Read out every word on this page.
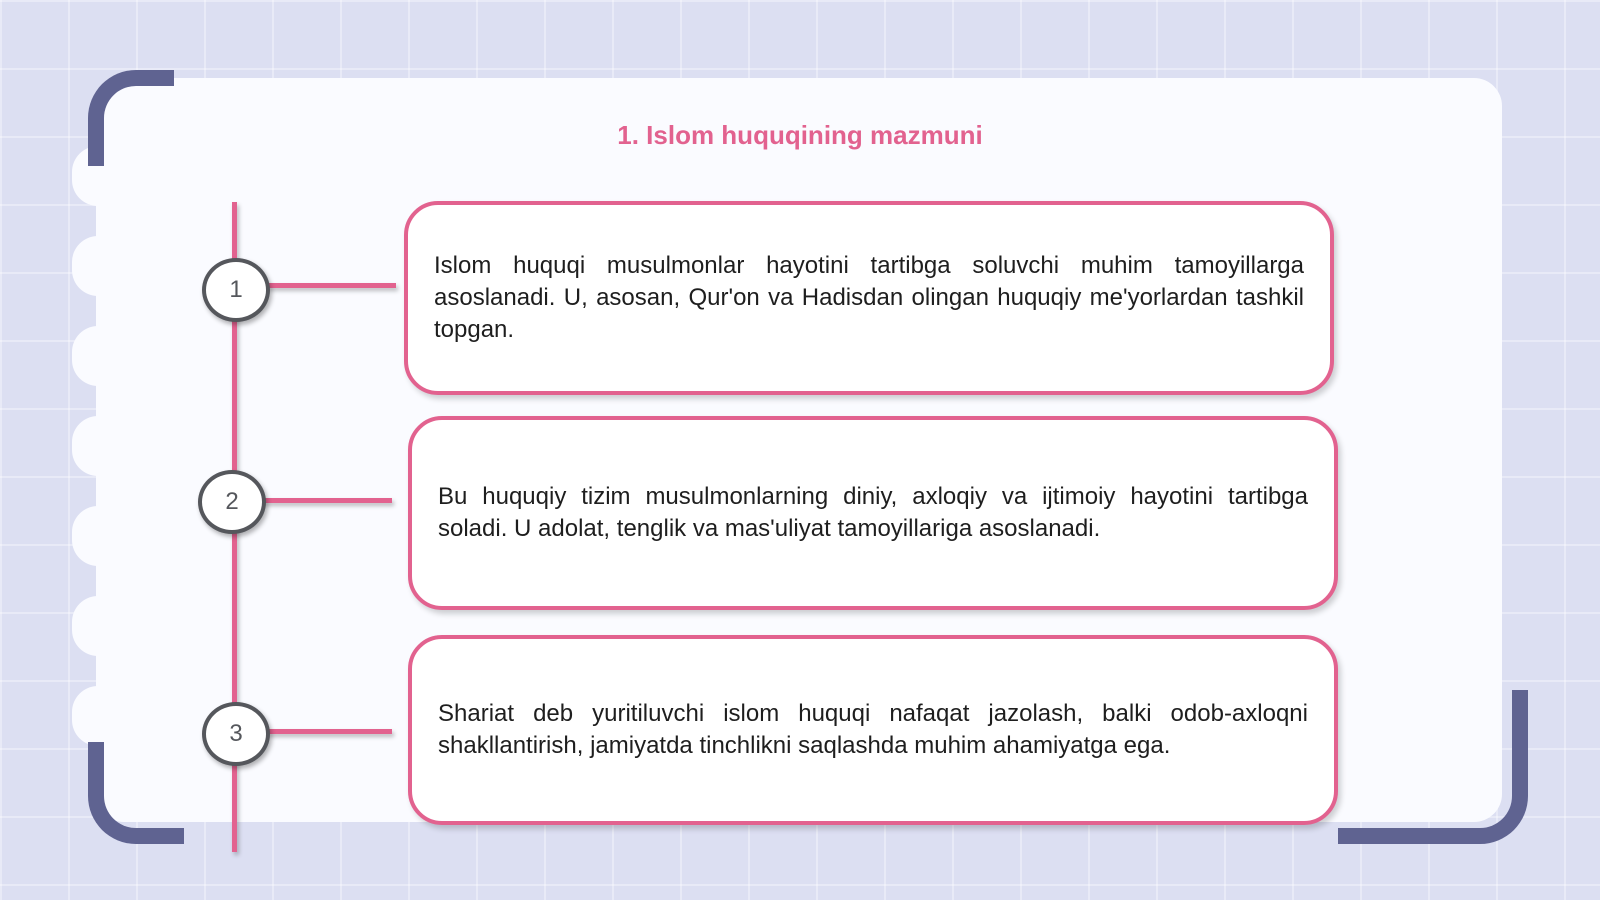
1. Islom huquqining mazmuni
1
2
3

Islom huquqi musulmonlar hayotini tartibga soluvchi muhim tamoyillarga asoslanadi. U, asosan, Qur'on va Hadisdan olingan huquqiy me'yorlardan tashkil topgan.

Bu huquqiy tizim musulmonlarning diniy, axloqiy va ijtimoiy hayotini tartibga soladi. U adolat, tenglik va mas'uliyat tamoyillariga asoslanadi.

Shariat deb yuritiluvchi islom huquqi nafaqat jazolash, balki odob-axloqni shakllantirish, jamiyatda tinchlikni saqlashda muhim ahamiyatga ega.
